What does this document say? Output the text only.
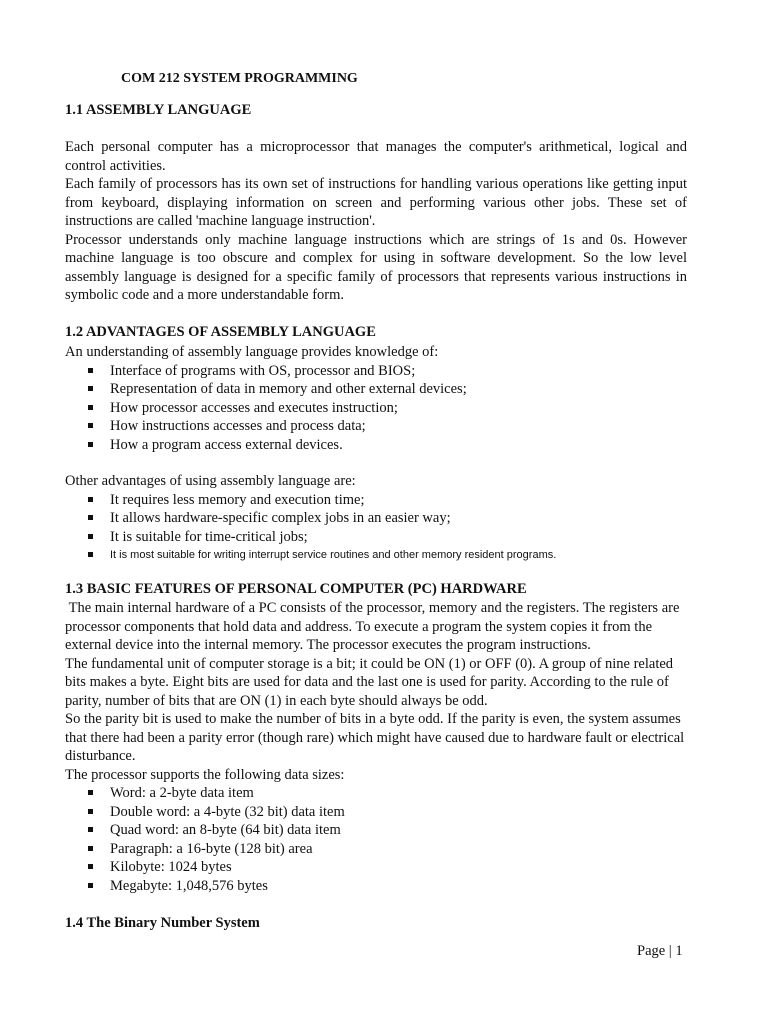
COM 212 SYSTEM PROGRAMMING
1.1 ASSEMBLY LANGUAGE

Each personal computer has a microprocessor that manages the computer's arithmetical, logical and control activities.

Each family of processors has its own set of instructions for handling various operations like getting input from keyboard, displaying information on screen and performing various other jobs. These set of instructions are called 'machine language instruction'.

Processor understands only machine language instructions which are strings of 1s and 0s. However machine language is too obscure and complex for using in software development. So the low level assembly language is designed for a specific family of processors that represents various instructions in symbolic code and a more understandable form.

1.2 ADVANTAGES OF ASSEMBLY LANGUAGE

An understanding of assembly language provides knowledge of:

Interface of programs with OS, processor and BIOS;
Representation of data in memory and other external devices;
How processor accesses and executes instruction;
How instructions accesses and process data;
How a program access external devices.

Other advantages of using assembly language are:

It requires less memory and execution time;
It allows hardware-specific complex jobs in an easier way;
It is suitable for time-critical jobs;
It is most suitable for writing interrupt service routines and other memory resident programs.
1.3 BASIC FEATURES OF PERSONAL COMPUTER (PC) HARDWARE

The main internal hardware of a PC consists of the processor, memory and the registers. The registers are processor components that hold data and address. To execute a program the system copies it from the external device into the internal memory. The processor executes the program instructions.

The fundamental unit of computer storage is a bit; it could be ON (1) or OFF (0). A group of nine related bits makes a byte. Eight bits are used for data and the last one is used for parity. According to the rule of parity, number of bits that are ON (1) in each byte should always be odd.

So the parity bit is used to make the number of bits in a byte odd. If the parity is even, the system assumes that there had been a parity error (though rare) which might have caused due to hardware fault or electrical disturbance.

The processor supports the following data sizes:

Word: a 2-byte data item
Double word: a 4-byte (32 bit) data item
Quad word: an 8-byte (64 bit) data item
Paragraph: a 16-byte (128 bit) area
Kilobyte: 1024 bytes
Megabyte: 1,048,576 bytes
1.4 The Binary Number System
Page | 1
